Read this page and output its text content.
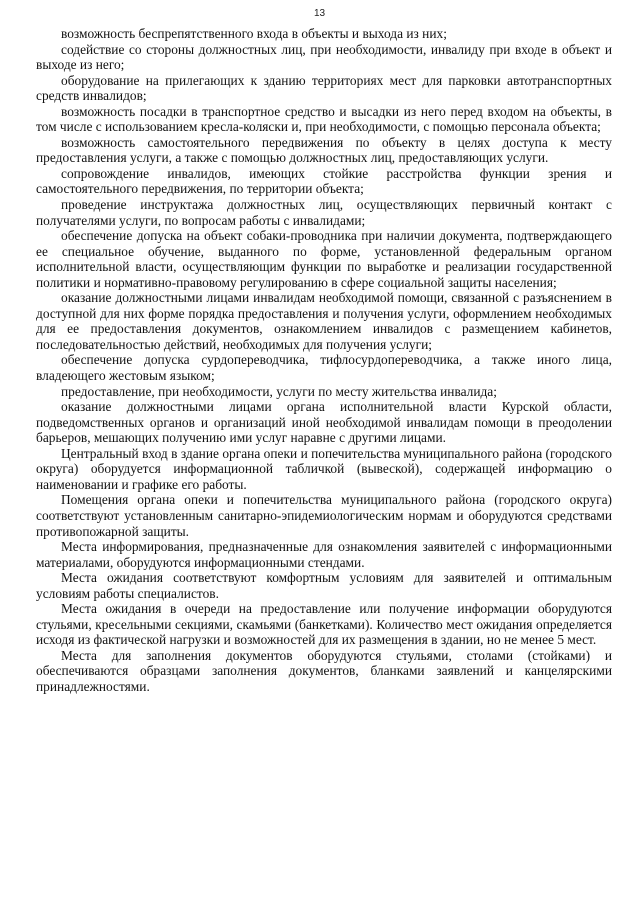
13

возможность беспрепятственного входа в объекты и выхода из них;

содействие со стороны должностных лиц, при необходимости, инвалиду при входе в объект и выходе из него;

оборудование на прилегающих к зданию территориях мест для парковки автотранспортных средств инвалидов;

возможность посадки в транспортное средство и высадки из него перед входом на объекты, в том числе с использованием кресла-коляски и, при необходимости, с помощью персонала объекта;

возможность самостоятельного передвижения по объекту в целях доступа к месту предоставления услуги, а также с помощью должностных лиц, предоставляющих услуги.

сопровождение инвалидов, имеющих стойкие расстройства функции зрения и самостоятельного передвижения, по территории объекта;

проведение инструктажа должностных лиц, осуществляющих первичный контакт с получателями услуги, по вопросам работы с инвалидами;

обеспечение допуска на объект собаки-проводника при наличии документа, подтверждающего ее специальное обучение, выданного по форме, установленной федеральным органом исполнительной власти, осуществляющим функции по выработке и реализации государственной политики и нормативно-правовому регулированию в сфере социальной защиты населения;

оказание должностными лицами инвалидам необходимой помощи, связанной с разъяснением в доступной для них форме порядка предоставления и получения услуги, оформлением необходимых для ее предоставления документов, ознакомлением инвалидов с размещением кабинетов, последовательностью действий, необходимых для получения услуги;

обеспечение допуска сурдопереводчика, тифлосурдопереводчика, а также иного лица, владеющего жестовым языком;

предоставление, при необходимости, услуги по месту жительства инвалида;

оказание должностными лицами органа исполнительной власти Курской области, подведомственных органов и организаций иной необходимой инвалидам помощи в преодолении барьеров, мешающих получению ими услуг наравне с другими лицами.

Центральный вход в здание органа опеки и попечительства муниципального района (городского округа) оборудуется информационной табличкой (вывеской), содержащей информацию о наименовании и графике его работы.

Помещения органа опеки и попечительства муниципального района (городского округа) соответствуют установленным санитарно-эпидемиологическим нормам и оборудуются средствами противопожарной защиты.

Места информирования, предназначенные для ознакомления заявителей с информационными материалами, оборудуются информационными стендами.

Места ожидания соответствуют комфортным условиям для заявителей и оптимальным условиям работы специалистов.

Места ожидания в очереди на предоставление или получение информации оборудуются стульями, кресельными секциями, скамьями (банкетками). Количество мест ожидания определяется исходя из фактической нагрузки и возможностей для их размещения в здании, но не менее 5 мест.

Места для заполнения документов оборудуются стульями, столами (стойками) и обеспечиваются образцами заполнения документов, бланками заявлений и канцелярскими принадлежностями.
